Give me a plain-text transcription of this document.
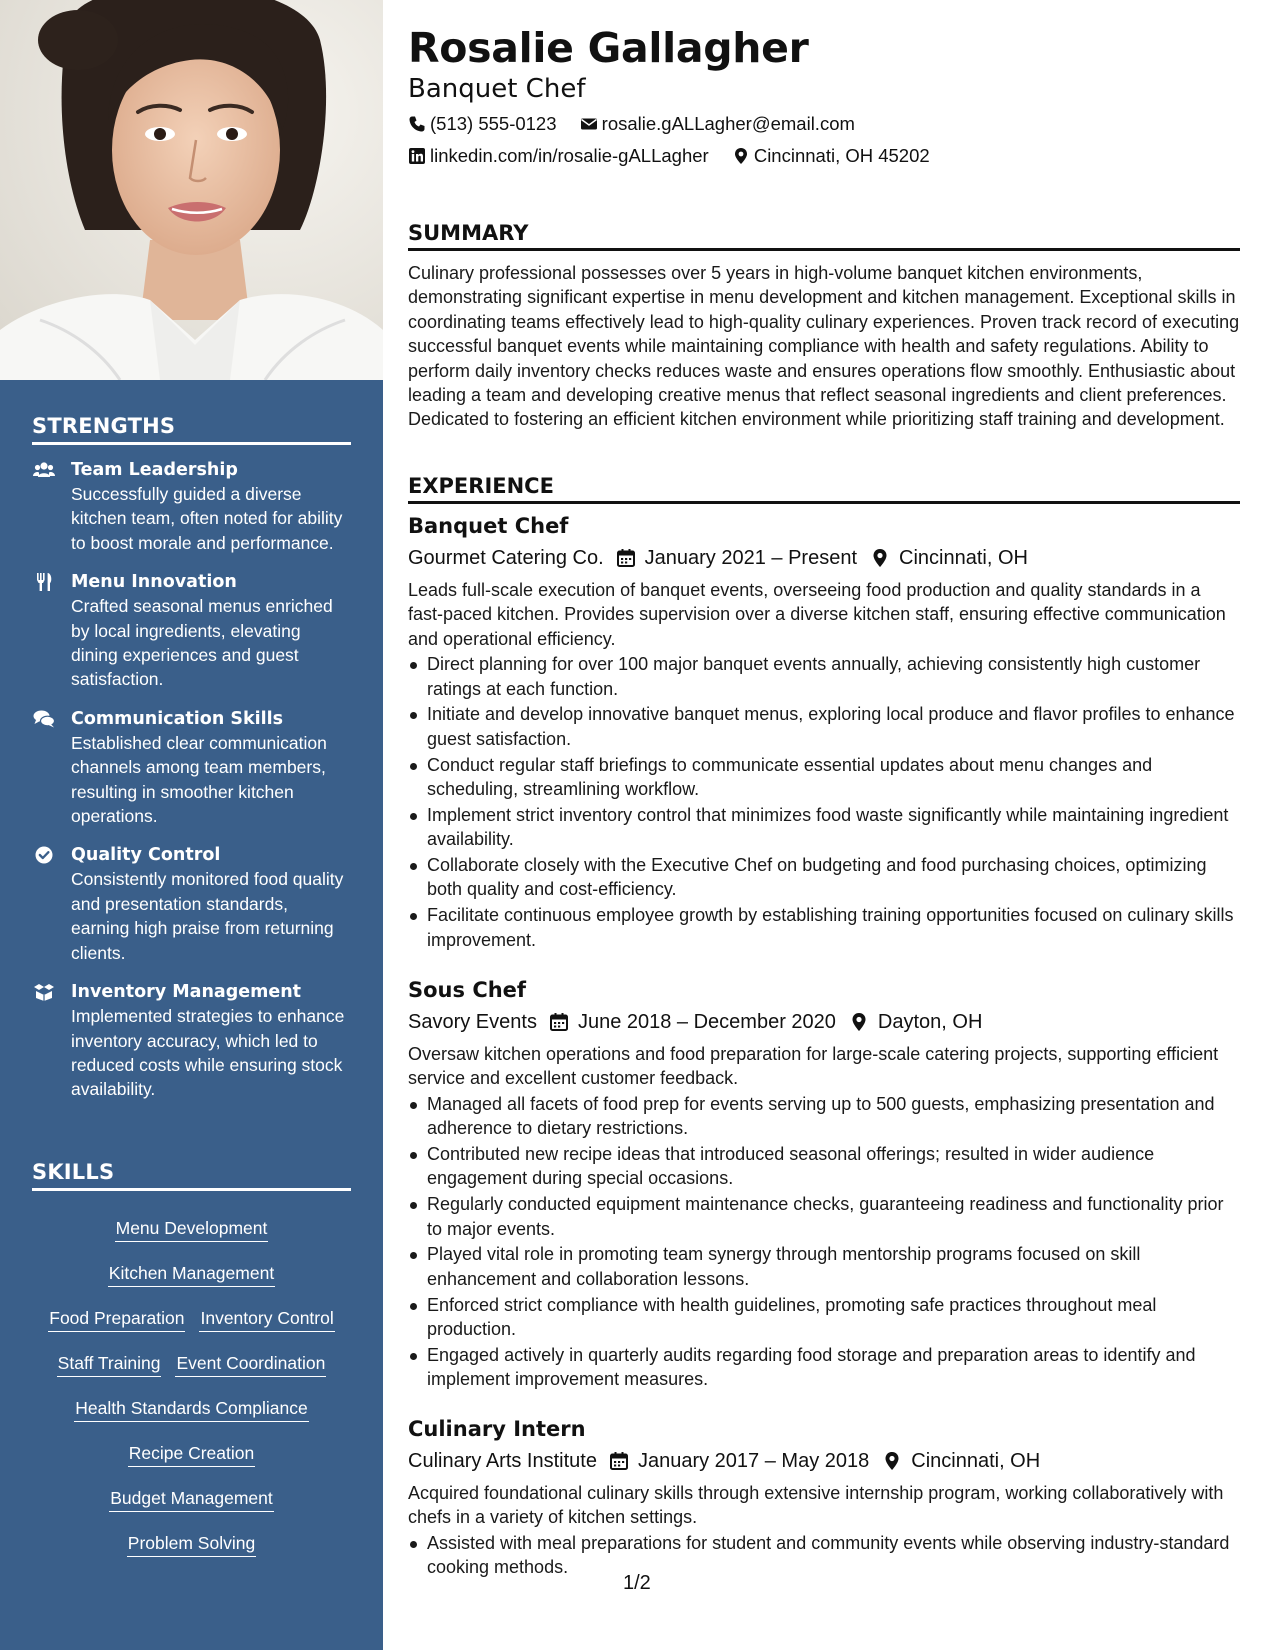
STRENGTHS
Team Leadership
Successfully guided a diverse kitchen team, often noted for ability to boost morale and performance.
Menu Innovation
Crafted seasonal menus enriched by local ingredients, elevating dining experiences and guest satisfaction.
Communication Skills
Established clear communication channels among team members, resulting in smoother kitchen operations.
Quality Control
Consistently monitored food quality and presentation standards, earning high praise from returning clients.
Inventory Management
Implemented strategies to enhance inventory accuracy, which led to reduced costs while ensuring stock availability.
SKILLS
Menu Development
Kitchen Management
Food Preparation Inventory Control
Staff Training Event Coordination
Health Standards Compliance
Recipe Creation
Budget Management
Problem Solving
Rosalie Gallagher
Banquet Chef
(513) 555-0123
rosalie.gALLagher@email.com
linkedin.com/in/rosalie-gALLagher
Cincinnati, OH 45202
SUMMARY

Culinary professional possesses over 5 years in high-volume banquet kitchen environments, demonstrating significant expertise in menu development and kitchen management. Exceptional skills in coordinating teams effectively lead to high-quality culinary experiences. Proven track record of executing successful banquet events while maintaining compliance with health and safety regulations. Ability to perform daily inventory checks reduces waste and ensures operations flow smoothly. Enthusiastic about leading a team and developing creative menus that reflect seasonal ingredients and client preferences. Dedicated to fostering an efficient kitchen environment while prioritizing staff training and development.

EXPERIENCE
Banquet Chef
Gourmet Catering Co. January 2021 – Present Cincinnati, OH

Leads full-scale execution of banquet events, overseeing food production and quality standards in a fast-paced kitchen. Provides supervision over a diverse kitchen staff, ensuring effective communication and operational efficiency.

Direct planning for over 100 major banquet events annually, achieving consistently high customer ratings at each function.
Initiate and develop innovative banquet menus, exploring local produce and flavor profiles to enhance guest satisfaction.
Conduct regular staff briefings to communicate essential updates about menu changes and scheduling, streamlining workflow.
Implement strict inventory control that minimizes food waste significantly while maintaining ingredient availability.
Collaborate closely with the Executive Chef on budgeting and food purchasing choices, optimizing both quality and cost-efficiency.
Facilitate continuous employee growth by establishing training opportunities focused on culinary skills improvement.
Sous Chef
Savory Events June 2018 – December 2020 Dayton, OH

Oversaw kitchen operations and food preparation for large-scale catering projects, supporting efficient service and excellent customer feedback.

Managed all facets of food prep for events serving up to 500 guests, emphasizing presentation and adherence to dietary restrictions.
Contributed new recipe ideas that introduced seasonal offerings; resulted in wider audience engagement during special occasions.
Regularly conducted equipment maintenance checks, guaranteeing readiness and functionality prior to major events.
Played vital role in promoting team synergy through mentorship programs focused on skill enhancement and collaboration lessons.
Enforced strict compliance with health guidelines, promoting safe practices throughout meal production.
Engaged actively in quarterly audits regarding food storage and preparation areas to identify and implement improvement measures.
Culinary Intern
Culinary Arts Institute January 2017 – May 2018 Cincinnati, OH

Acquired foundational culinary skills through extensive internship program, working collaboratively with chefs in a variety of kitchen settings.

Assisted with meal preparations for student and community events while observing industry-standard cooking methods.
1/2
